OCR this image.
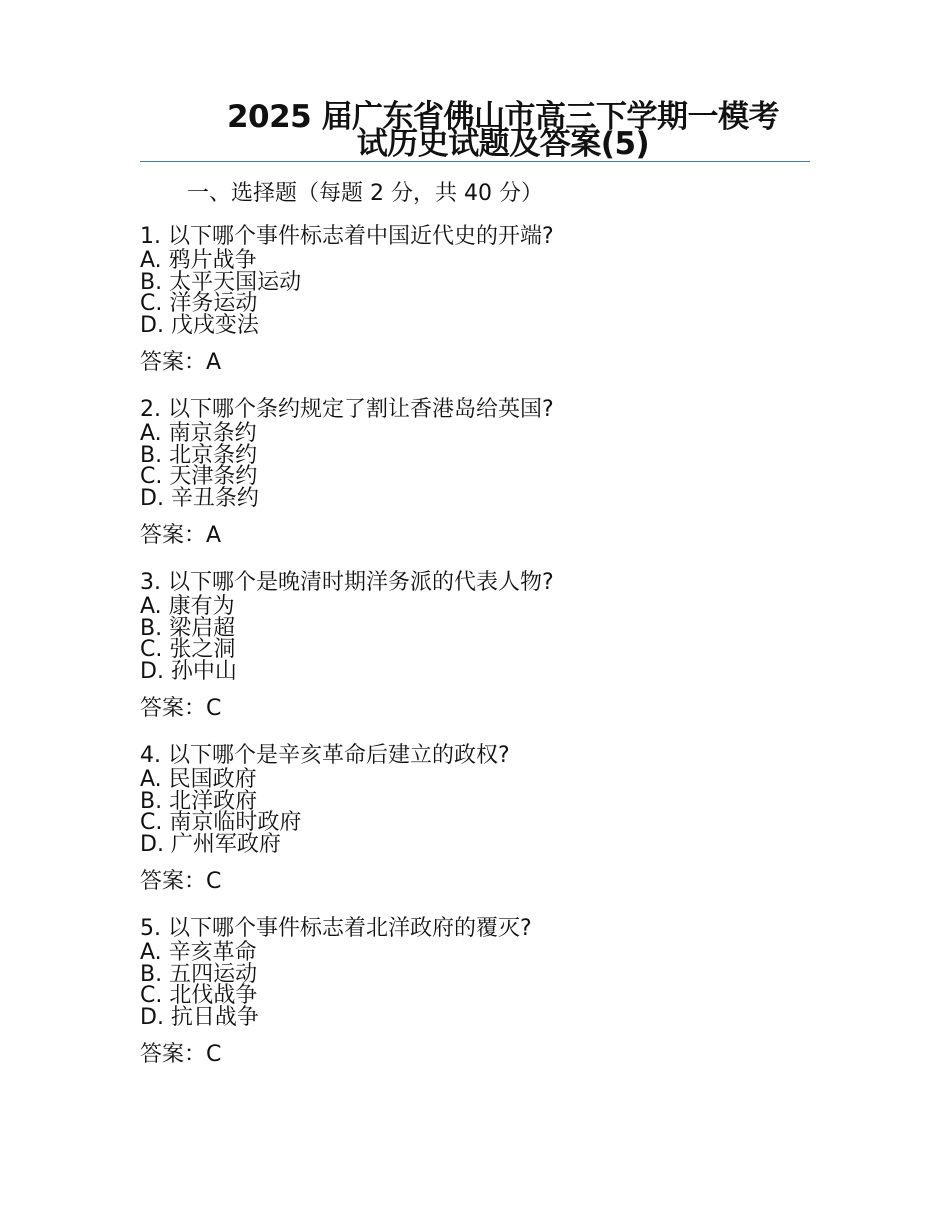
2025 届广东省佛山市高三下学期一模考
试历史试题及答案(5)
一、选择题（每题 2 分，共 40 分）
1. 以下哪个事件标志着中国近代史的开端?
A. 鸦片战争
B. 太平天国运动
C. 洋务运动
D. 戊戌变法
答案：A
2. 以下哪个条约规定了割让香港岛给英国?
A. 南京条约
B. 北京条约
C. 天津条约
D. 辛丑条约
答案：A
3. 以下哪个是晚清时期洋务派的代表人物?
A. 康有为
B. 梁启超
C. 张之洞
D. 孙中山
答案：C
4. 以下哪个是辛亥革命后建立的政权?
A. 民国政府
B. 北洋政府
C. 南京临时政府
D. 广州军政府
答案：C
5. 以下哪个事件标志着北洋政府的覆灭?
A. 辛亥革命
B. 五四运动
C. 北伐战争
D. 抗日战争
答案：C
